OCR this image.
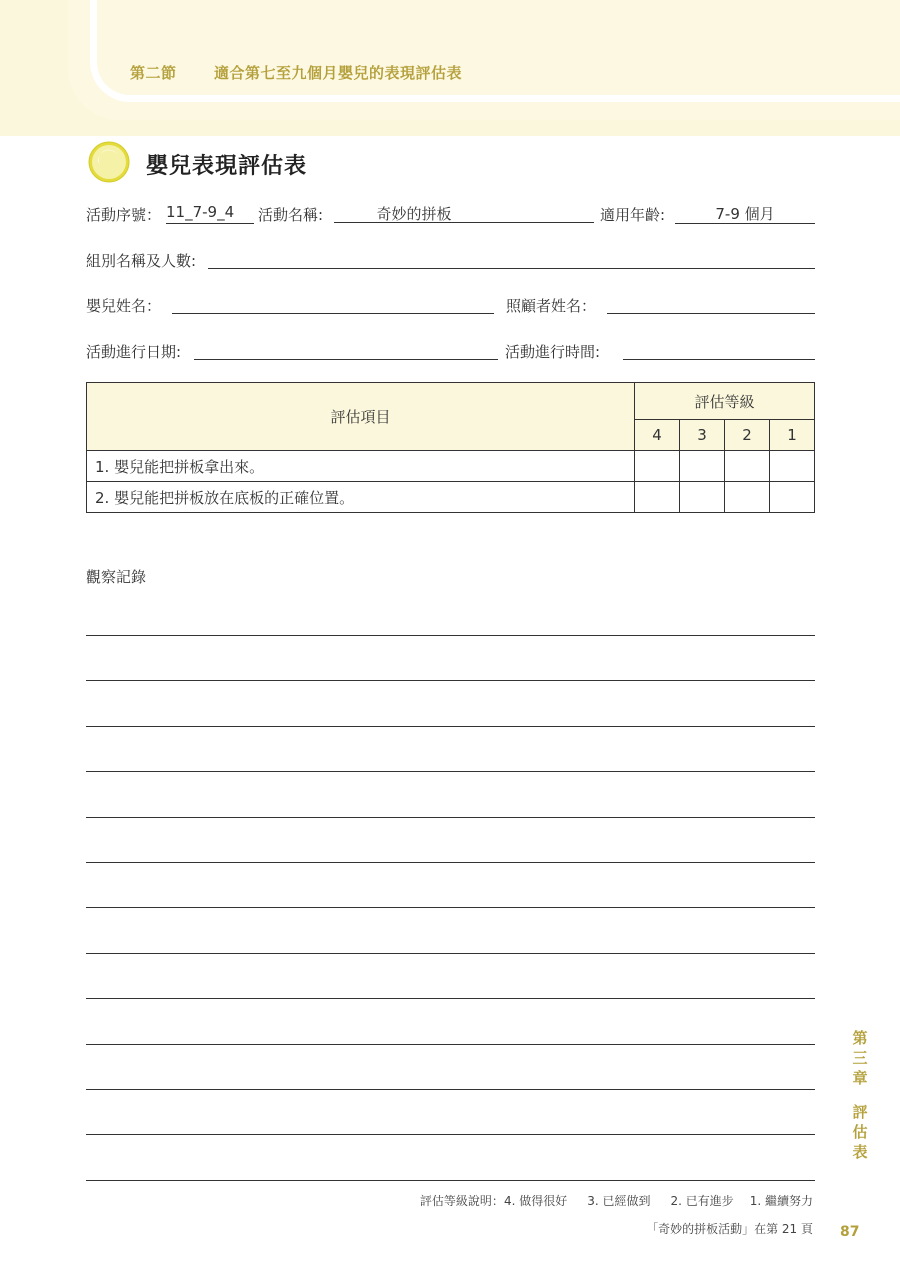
第二節 適合第七至九個月嬰兒的表現評估表
嬰兒表現評估表
活動序號： 11_7-9_4	活動名稱:	奇妙的拼板	適用年齡:	7-9 個月
組別名稱及人數:
嬰兒姓名：	照顧者姓名：
活動進行日期:	活動進行時間:
評估項目	評估等級			
	4	3	2	1
1. 嬰兒能把拼板拿出來。				
2. 嬰兒能把拼板放在底板的正確位置。				
觀察記錄
評估等級說明：4. 做得很好 3. 已經做到 2. 已有進步 1. 繼續努力
「奇妙的拼板活動」在第 21 頁 87
第
三
章
評
估
表
